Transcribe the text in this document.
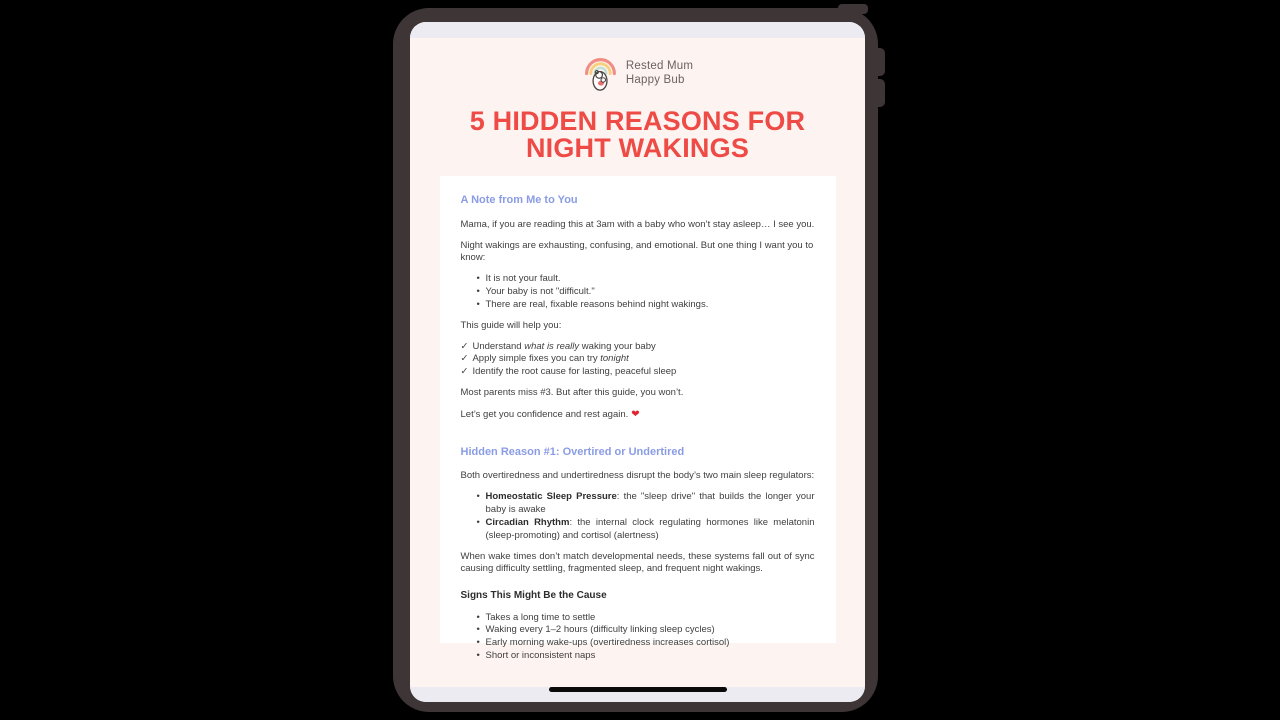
Rested Mum
Happy Bub
5 HIDDEN REASONS FOR
NIGHT WAKINGS
A Note from Me to You

Mama, if you are reading this at 3am with a baby who won’t stay asleep… I see you.

Night wakings are exhausting, confusing, and emotional. But one thing I want you to know:

• It is not your fault.
• Your baby is not "difficult."
• There are real, fixable reasons behind night wakings.

This guide will help you:

✓ Understand what is really waking your baby
✓ Apply simple fixes you can try tonight
✓ Identify the root cause for lasting, peaceful sleep

Most parents miss #3. But after this guide, you won’t.

Let’s get you confidence and rest again. ❤

Hidden Reason #1: Overtired or Undertired

Both overtiredness and undertiredness disrupt the body’s two main sleep regulators:

• Homeostatic Sleep Pressure: the "sleep drive" that builds the longer your baby is awake
• Circadian Rhythm: the internal clock regulating hormones like melatonin (sleep-promoting) and cortisol (alertness)

When wake times don’t match developmental needs, these systems fall out of sync causing difficulty settling, fragmented sleep, and frequent night wakings.

Signs This Might Be the Cause

• Takes a long time to settle
• Waking every 1–2 hours (difficulty linking sleep cycles)
• Early morning wake-ups (overtiredness increases cortisol)
• Short or inconsistent naps
